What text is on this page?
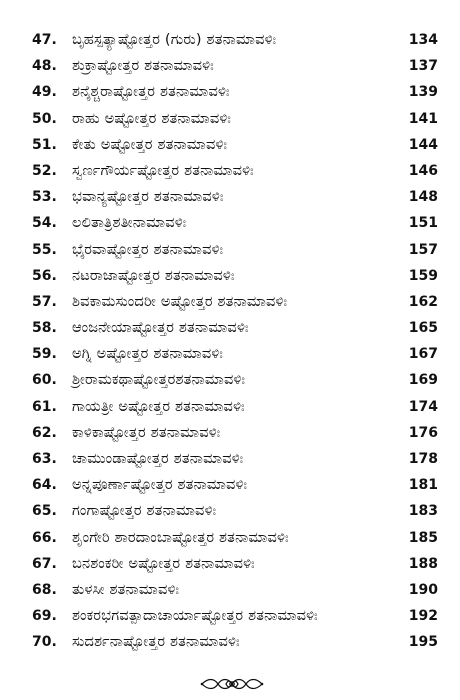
47. ಬೃಹಸ್ಪತ್ಯಾಷ್ಟೋತ್ತರ (ಗುರು) ಶತನಾಮಾವಳಿಃ	134
48. ಶುಕ್ರಾಷ್ಟೋತ್ತರ ಶತನಾಮಾವಳಿಃ	137
49. ಶನೈಶ್ಚರಾಷ್ಟೋತ್ತರ ಶತನಾಮಾವಳಿಃ	139
50. ರಾಹು ಅಷ್ಟೋತ್ತರ ಶತನಾಮಾವಳಿಃ	141
51. ಕೇತು ಅಷ್ಟೋತ್ತರ ಶತನಾಮಾವಳಿಃ	144
52. ಸ್ವರ್ಣಗೌರ್ಯಷ್ಟೋತ್ತರ ಶತನಾಮಾವಳಿಃ	146
53. ಭವಾನ್ಯಷ್ಟೋತ್ತರ ಶತನಾಮಾವಳಿಃ	148
54. ಲಲಿತಾತ್ರಿಶತೀನಾಮಾವಳಿಃ	151
55. ಭೈರವಾಷ್ಟೋತ್ತರ ಶತನಾಮಾವಳಿಃ	157
56. ನಟರಾಜಾಷ್ಟೋತ್ತರ ಶತನಾಮಾವಳಿಃ	159
57. ಶಿವಕಾಮಸುಂದರೀ ಅಷ್ಟೋತ್ತರ ಶತನಾಮಾವಳಿಃ	162
58. ಆಂಜನೇಯಾಷ್ಟೋತ್ತರ ಶತನಾಮಾವಳಿಃ	165
59. ಅಗ್ನಿ ಅಷ್ಟೋತ್ತರ ಶತನಾಮಾವಳಿಃ	167
60. ಶ್ರೀರಾಮಕಥಾಷ್ಟೋತ್ತರಶತನಾಮಾವಳಿಃ	169
61. ಗಾಯತ್ರೀ ಅಷ್ಟೋತ್ತರ ಶತನಾಮಾವಳಿಃ	174
62. ಕಾಳಿಕಾಷ್ಟೋತ್ತರ ಶತನಾಮಾವಳಿಃ	176
63. ಚಾಮುಂಡಾಷ್ಟೋತ್ತರ ಶತನಾಮಾವಳಿಃ	178
64. ಅನ್ನಪೂರ್ಣಾಷ್ಟೋತ್ತರ ಶತನಾಮಾವಳಿಃ	181
65. ಗಂಗಾಷ್ಟೋತ್ತರ ಶತನಾಮಾವಳಿಃ	183
66. ಶೃಂಗೇರಿ ಶಾರದಾಂಬಾಷ್ಟೋತ್ತರ ಶತನಾಮಾವಳಿಃ	185
67. ಬನಶಂಕರೀ ಅಷ್ಟೋತ್ತರ ಶತನಾಮಾವಳಿಃ	188
68. ತುಳಸೀ ಶತನಾಮಾವಳಿಃ	190
69. ಶಂಕರಭಗವತ್ಪಾದಾಚಾರ್ಯಾಷ್ಟೋತ್ತರ ಶತನಾಮಾವಳಿಃ	192
70. ಸುದರ್ಶನಾಷ್ಟೋತ್ತರ ಶತನಾಮಾವಳಿಃ	195
